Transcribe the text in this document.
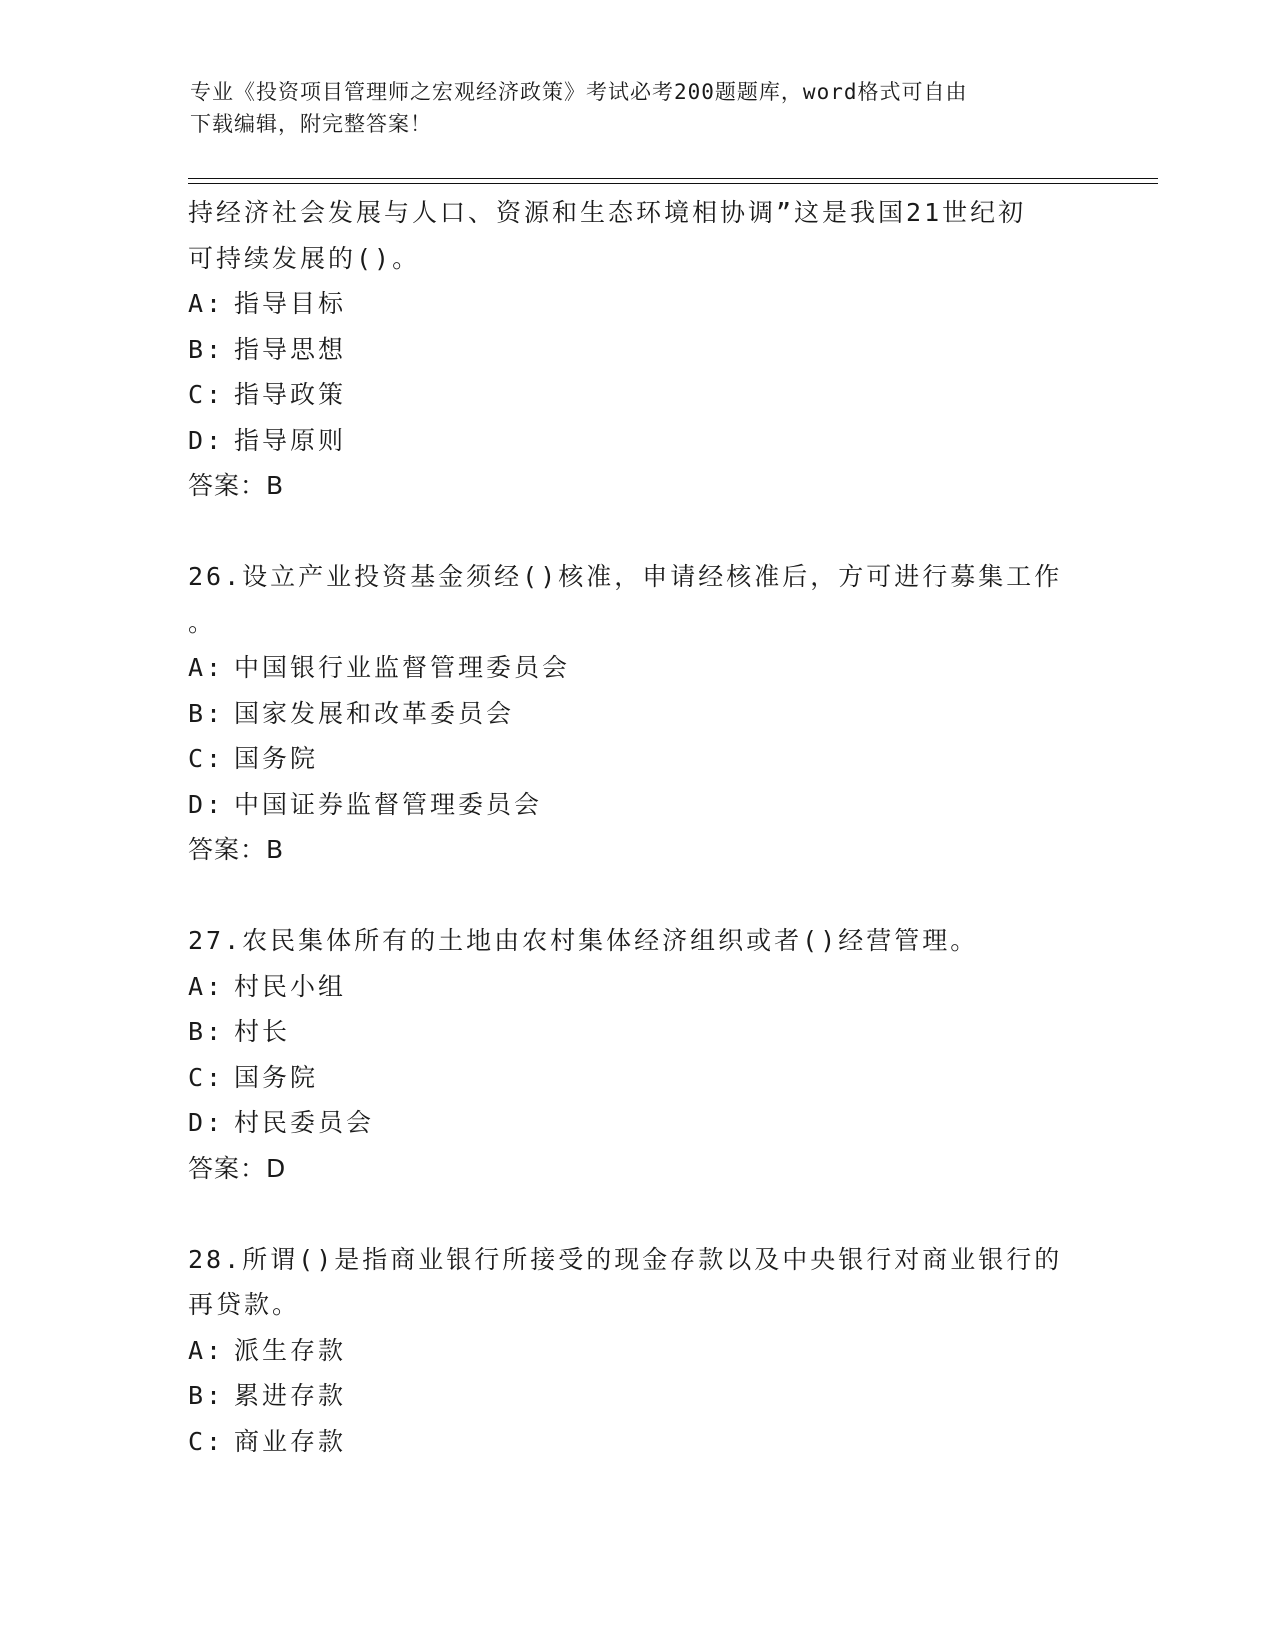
专业《投资项目管理师之宏观经济政策》考试必考200题题库，word格式可自由
下载编辑，附完整答案！
持经济社会发展与人口、资源和生态环境相协调”这是我国21世纪初
可持续发展的()。
A: 指导目标
B: 指导思想
C: 指导政策
D: 指导原则
答案：B
26.设立产业投资基金须经()核准，申请经核准后，方可进行募集工作
。
A: 中国银行业监督管理委员会
B: 国家发展和改革委员会
C: 国务院
D: 中国证券监督管理委员会
答案：B
27.农民集体所有的土地由农村集体经济组织或者()经营管理。
A: 村民小组
B: 村长
C: 国务院
D: 村民委员会
答案：D
28.所谓()是指商业银行所接受的现金存款以及中央银行对商业银行的
再贷款。
A: 派生存款
B: 累进存款
C: 商业存款
